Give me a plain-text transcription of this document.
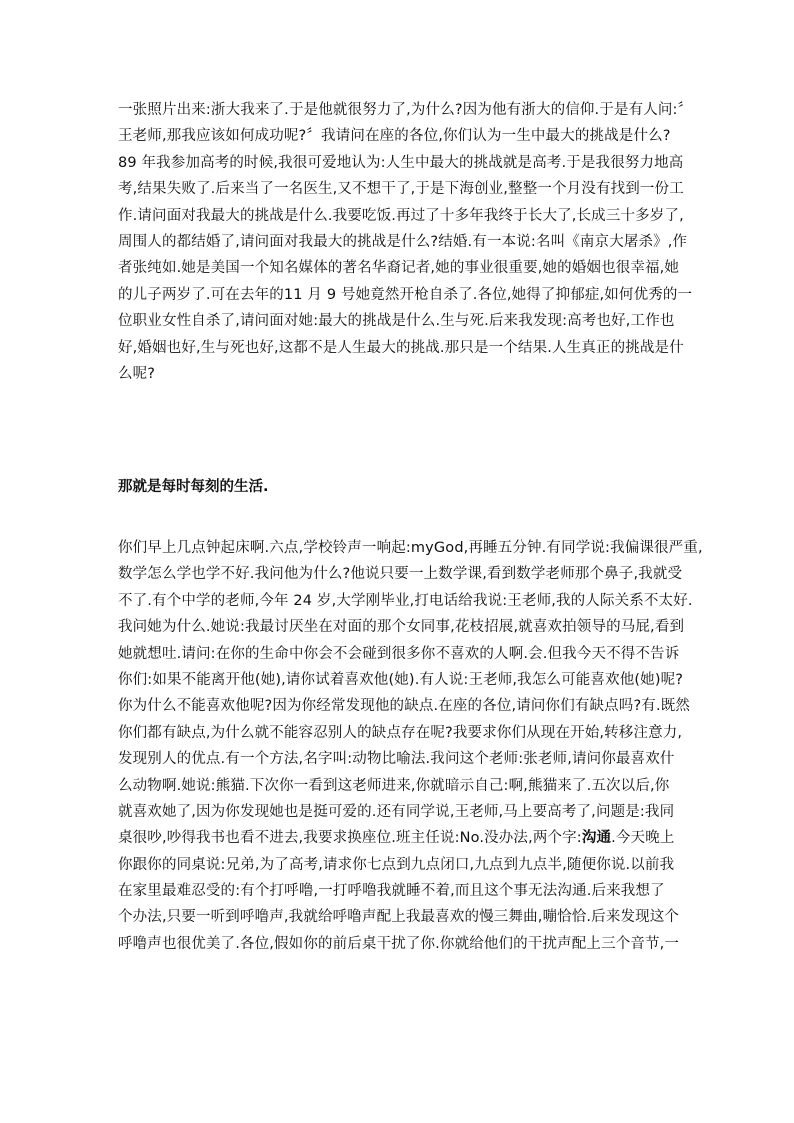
一张照片出来:浙大我来了.于是他就很努力了,为什么?因为他有浙大的信仰.于是有人问:〞
王老师,那我应该如何成功呢?〞我请问在座的各位,你们认为一生中最大的挑战是什么?
89 年我参加高考的时候,我很可爱地认为:人生中最大的挑战就是高考.于是我很努力地高
考,结果失败了.后来当了一名医生,又不想干了,于是下海创业,整整一个月没有找到一份工
作.请问面对我最大的挑战是什么.我要吃饭.再过了十多年我终于长大了,长成三十多岁了,
周围人的都结婚了,请问面对我最大的挑战是什么?结婚.有一本说:名叫《南京大屠杀》,作
者张纯如.她是美国一个知名媒体的著名华裔记者,她的事业很重要,她的婚姻也很幸福,她
的儿子两岁了.可在去年的11 月 9 号她竟然开枪自杀了.各位,她得了抑郁症,如何优秀的一
位职业女性自杀了,请问面对她:最大的挑战是什么.生与死.后来我发现:高考也好,工作也
好,婚姻也好,生与死也好,这都不是人生最大的挑战.那只是一个结果.人生真正的挑战是什
么呢?
那就是每时每刻的生活.
你们早上几点钟起床啊.六点,学校铃声一响起:myGod,再睡五分钟.有同学说:我偏课很严重,
数学怎么学也学不好.我问他为什么?他说只要一上数学课,看到数学老师那个鼻子,我就受
不了.有个中学的老师,今年 24 岁,大学刚毕业,打电话给我说:王老师,我的人际关系不太好.
我问她为什么.她说:我最讨厌坐在对面的那个女同事,花枝招展,就喜欢拍领导的马屁,看到
她就想吐.请问:在你的生命中你会不会碰到很多你不喜欢的人啊.会.但我今天不得不告诉
你们:如果不能离开他(她),请你试着喜欢他(她).有人说:王老师,我怎么可能喜欢他(她)呢?
你为什么不能喜欢他呢?因为你经常发现他的缺点.在座的各位,请问你们有缺点吗?有.既然
你们都有缺点,为什么就不能容忍别人的缺点存在呢?我要求你们从现在开始,转移注意力,
发现别人的优点.有一个方法,名字叫:动物比喻法.我问这个老师:张老师,请问你最喜欢什
么动物啊.她说:熊猫.下次你一看到这老师进来,你就暗示自己:啊,熊猫来了.五次以后,你
就喜欢她了,因为你发现她也是挺可爱的.还有同学说,王老师,马上要高考了,问题是:我同
桌很吵,吵得我书也看不进去,我要求换座位.班主任说:No.没办法,两个字:沟通.今天晚上
你跟你的同桌说:兄弟,为了高考,请求你七点到九点闭口,九点到九点半,随便你说.以前我
在家里最难忍受的:有个打呼噜,一打呼噜我就睡不着,而且这个事无法沟通.后来我想了
个办法,只要一听到呼噜声,我就给呼噜声配上我最喜欢的慢三舞曲,嘣恰恰.后来发现这个
呼噜声也很优美了.各位,假如你的前后桌干扰了你.你就给他们的干扰声配上三个音节,一
